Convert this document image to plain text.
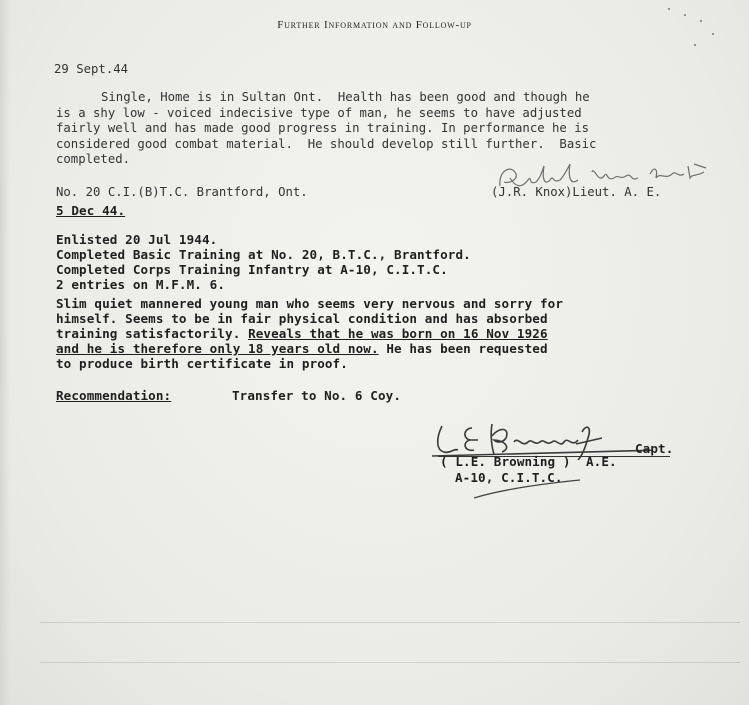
Further Information and Follow-up
29 Sept.44
Single, Home is in Sultan Ont.  Health has been good and though he
is a shy low - voiced indecisive type of man, he seems to have adjusted
fairly well and has made good progress in training. In performance he is
considered good combat material.  He should develop still further.  Basic
completed.
No. 20 C.I.(B)T.C. Brantford, Ont.	(J.R. Knox)Lieut. A. E.
5 Dec 44.
Enlisted 20 Jul 1944.
Completed Basic Training at No. 20, B.T.C., Brantford.
Completed Corps Training Infantry at A-10, C.I.T.C.
2 entries on M.F.M. 6.
Slim quiet mannered young man who seems very nervous and sorry for
himself. Seems to be in fair physical condition and has absorbed
training satisfactorily. Reveals that he was born on 16 Nov 1926
and he is therefore only 18 years old now. He has been requested
to produce birth certificate in proof.
Recommendation:	Transfer to No. 6 Coy.
Capt.
( L.E. Browning )  A.E.
A-10, C.I.T.C.
